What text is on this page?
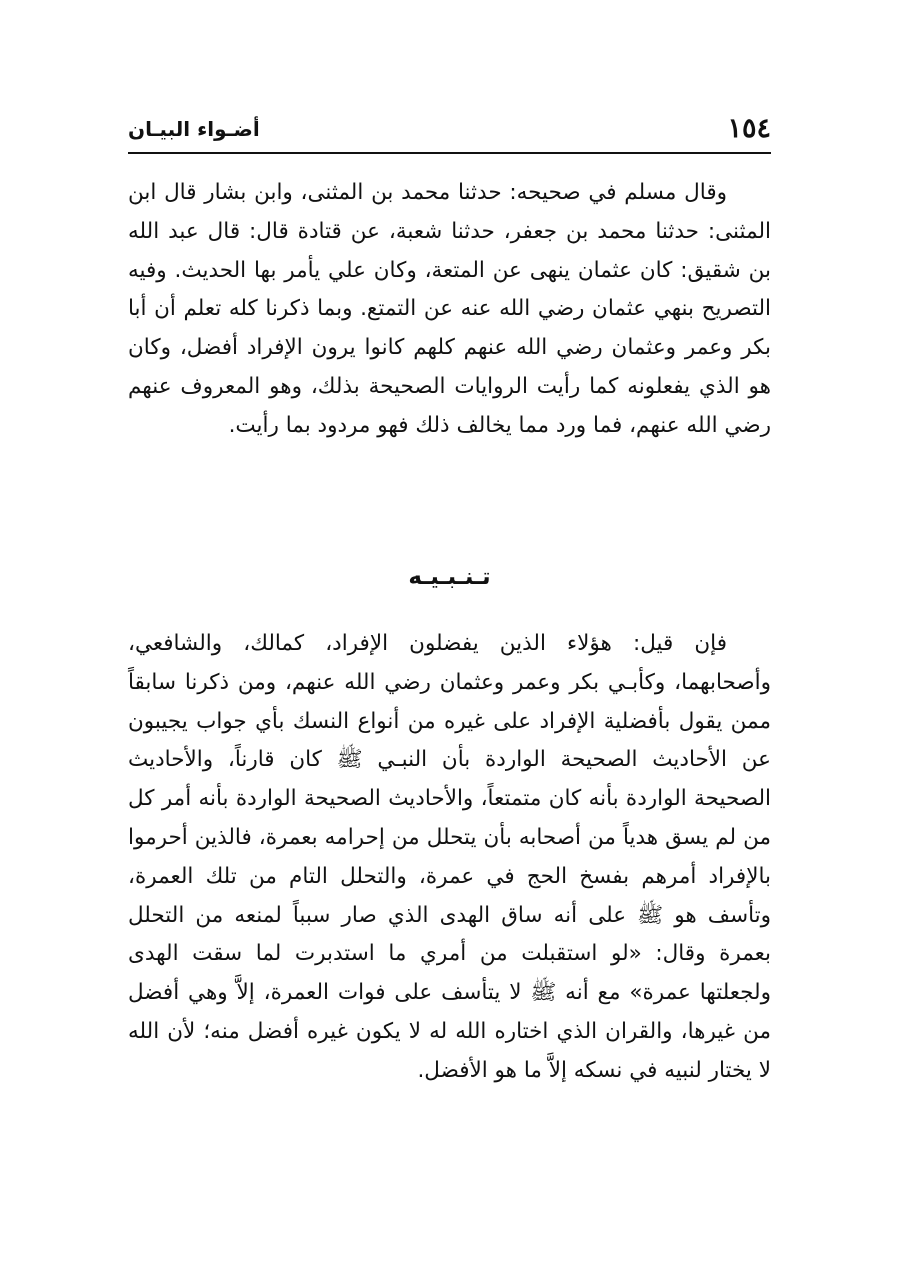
١٥٤
أضـواء البيـان

وقال مسلم في صحيحه: حدثنا محمد بن المثنى، وابن بشار قال ابن المثنى: حدثنا محمد بن جعفر، حدثنا شعبة، عن قتادة قال: قال عبد الله بن شقيق: كان عثمان ينهى عن المتعة، وكان علي يأمر بها الحديث. وفيه التصريح بنهي عثمان رضي الله عنه عن التمتع. وبما ذكرنا كله تعلم أن أبا بكر وعمر وعثمان رضي الله عنهم كلهم كانوا يرون الإفراد أفضل، وكان هو الذي يفعلونه كما رأيت الروايات الصحيحة بذلك، وهو المعروف عنهم رضي الله عنهم، فما ورد مما يخالف ذلك فهو مردود بما رأيت.

تـنـبـيـه

فإن قيل: هؤلاء الذين يفضلون الإفراد، كمالك، والشافعي، وأصحابهما، وكأبـي بكر وعمر وعثمان رضي الله عنهم، ومن ذكرنا سابقاً ممن يقول بأفضلية الإفراد على غيره من أنواع النسك بأي جواب يجيبون عن الأحاديث الصحيحة الواردة بأن النبـي ﷺ كان قارناً، والأحاديث الصحيحة الواردة بأنه كان متمتعاً، والأحاديث الصحيحة الواردة بأنه أمر كل من لم يسق هدياً من أصحابه بأن يتحلل من إحرامه بعمرة، فالذين أحرموا بالإفراد أمرهم بفسخ الحج في عمرة، والتحلل التام من تلك العمرة، وتأسف هو ﷺ على أنه ساق الهدى الذي صار سبباً لمنعه من التحلل بعمرة وقال: «لو استقبلت من أمري ما استدبرت لما سقت الهدى ولجعلتها عمرة» مع أنه ﷺ لا يتأسف على فوات العمرة، إلاَّ وهي أفضل من غيرها، والقران الذي اختاره الله له لا يكون غيره أفضل منه؛ لأن الله لا يختار لنبيه في نسكه إلاَّ ما هو الأفضل.
